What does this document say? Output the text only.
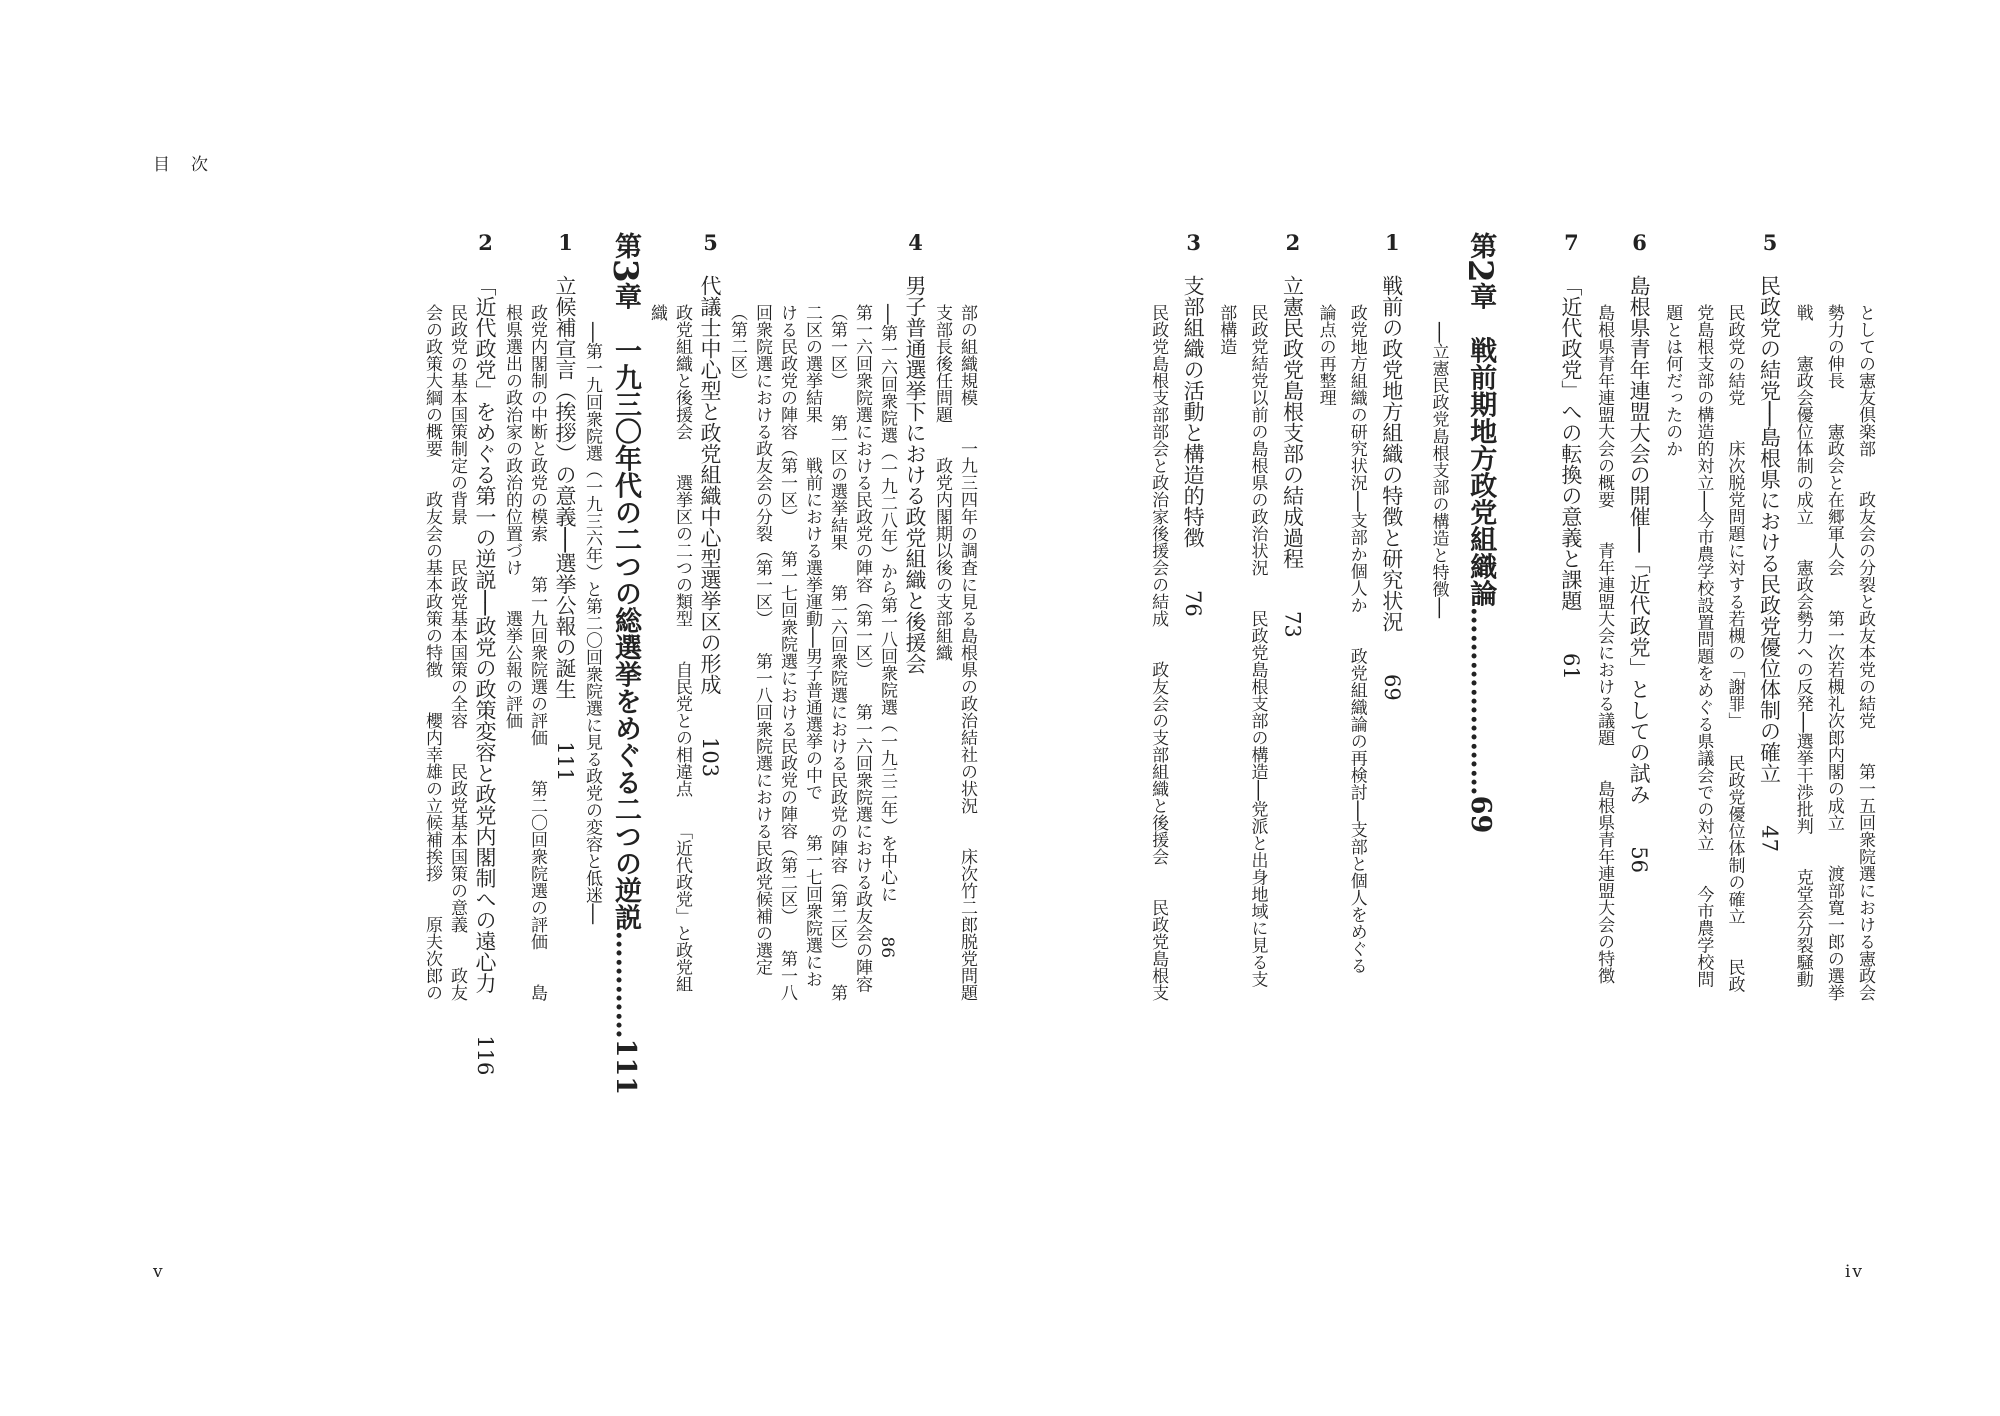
目　次
v	iv
としての憲友倶楽部　　政友会の分裂と政友本党の結党　　第一五回衆院選における憲政会
勢力の伸長　　憲政会と在郷軍人会　　第一次若槻礼次郎内閣の成立　　渡部寛一郎の選挙
戦　　憲政会優位体制の成立　　憲政会勢力への反発──選挙干渉批判　　克堂会分裂騒動
5民政党の結党──島根県における民政党優位体制の確立　　47
民政党の結党　　床次脱党問題に対する若槻の「謝罪」　　民政党優位体制の確立　　民政
党島根支部の構造的対立──今市農学校設置問題をめぐる県議会での対立　　今市農学校問
題とは何だったのか
6島根県青年連盟大会の開催──「近代政党」としての試み　　56
島根県青年連盟大会の概要　　青年連盟大会における議題　　島根県青年連盟大会の特徴
7「近代政党」への転換の意義と課題　　61
第2章　戦前期地方政党組織論…………………69
──立憲民政党島根支部の構造と特徴──
1戦前の政党地方組織の特徴と研究状況　　69
政党地方組織の研究状況──支部か個人か　　政党組織論の再検討──支部と個人をめぐる
論点の再整理
2立憲民政党島根支部の結成過程　　73
民政党結党以前の島根県の政治状況　　民政党島根支部の構造──党派と出身地域に見る支
部構造
3支部組織の活動と構造的特徴　　76
民政党島根支部部会と政治家後援会の結成　　政友会の支部組織と後援会　　民政党島根支
部の組織規模　　一九三四年の調査に見る島根県の政治結社の状況　　床次竹二郎脱党問題
支部長後任問題　　政党内閣期以後の支部組織
4男子普通選挙下における政党組織と後援会
──第一六回衆院選（一九二八年）から第一八回衆院選（一九三二年）を中心に　　86
第一六回衆院選における民政党の陣容（第一区）　　第一六回衆院選における政友会の陣容
（第一区）　　第一区の選挙結果　　第一六回衆院選における民政党の陣容（第二区）　　第
二区の選挙結果　　戦前における選挙運動──男子普通選挙の中で　　第一七回衆院選にお
ける民政党の陣容（第一区）　　第一七回衆院選における民政党の陣容（第二区）　　第一八
回衆院選における政友会の分裂（第一区）　　第一八回衆院選における民政党候補の選定
（第二区）
5代議士中心型と政党組織中心型選挙区の形成　　103
政党組織と後援会　　選挙区の二つの類型　　自民党との相違点　　「近代政党」と政党組
織
第3章　一九三〇年代の二つの総選挙をめぐる二つの逆説…………111
──第一九回衆院選（一九三六年）と第二〇回衆院選に見る政党の変容と低迷──
1立候補宣言（挨拶）の意義──選挙公報の誕生　　111
政党内閣制の中断と政党の模索　　第一九回衆院選の評価　　第二〇回衆院選の評価　　島
根県選出の政治家の政治的位置づけ　　選挙公報の評価
2「近代政党」をめぐる第一の逆説──政党の政策変容と政党内閣制への遠心力　　116
民政党の基本国策制定の背景　　民政党基本国策の全容　　民政党基本国策の意義　　政友
会の政策大綱の概要　　政友会の基本政策の特徴　　櫻内幸雄の立候補挨拶　　原夫次郎の
